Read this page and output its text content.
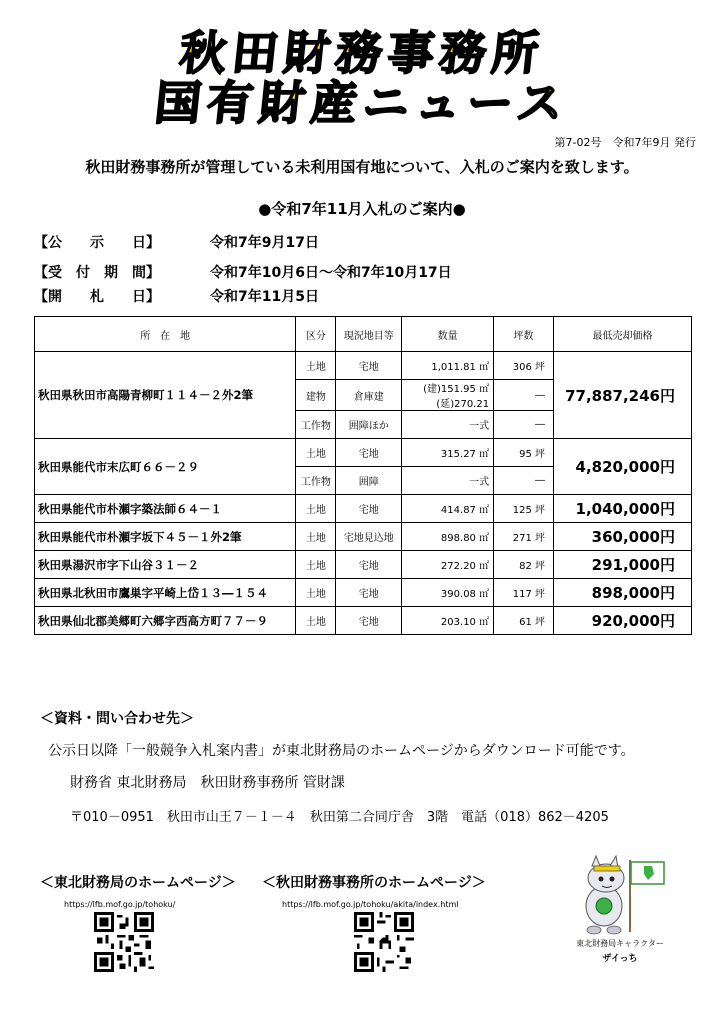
秋田財務事務所
国有財産ニュース
第7-02号　令和7年9月 発行
秋田財務事務所が管理している未利用国有地について、入札のご案内を致します。
●令和7年11月入札のご案内●
【公　　示　　日】	令和7年9月17日
【受　付　期　間】	令和7年10月6日～令和7年10月17日
【開　　札　　日】	令和7年11月5日
所　在　地	区分	現況地目等	数量	坪数	最低売却価格
秋田県秋田市高陽青柳町１１４－２外2筆	土地	宅地	1,011.81 ㎡	306 坪	77,887,246円
	建物	倉庫建	(建)151.95 ㎡ (延)270.21	―	
	工作物	囲障ほか	一式	―	
秋田県能代市末広町６６－２９	土地	宅地	315.27 ㎡	95 坪	4,820,000円
	工作物	囲障	一式	―	
秋田県能代市朴瀬字築法師６４－１	土地	宅地	414.87 ㎡	125 坪	1,040,000円
秋田県能代市朴瀬字坂下４５－１外2筆	土地	宅地見込地	898.80 ㎡	271 坪	360,000円
秋田県湯沢市字下山谷３１－２	土地	宅地	272.20 ㎡	82 坪	291,000円
秋田県北秋田市鷹巣字平崎上岱１３―１５４	土地	宅地	390.08 ㎡	117 坪	898,000円
秋田県仙北郡美郷町六郷字西高方町７７－９	土地	宅地	203.10 ㎡	61 坪	920,000円
＜資料・問い合わせ先＞
公示日以降「一般競争入札案内書」が東北財務局のホームページからダウンロード可能です。
財務省 東北財務局　秋田財務事務所 管財課
〒010－0951　秋田市山王７－１－４　秋田第二合同庁舎　3階　電話（018）862－4205
＜東北財務局のホームページ＞ ＜秋田財務事務所のホームページ＞
https://lfb.mof.go.jp/tohoku/	https://lfb.mof.go.jp/tohoku/akita/index.html
東北財務局キャラクター
ザイっち
